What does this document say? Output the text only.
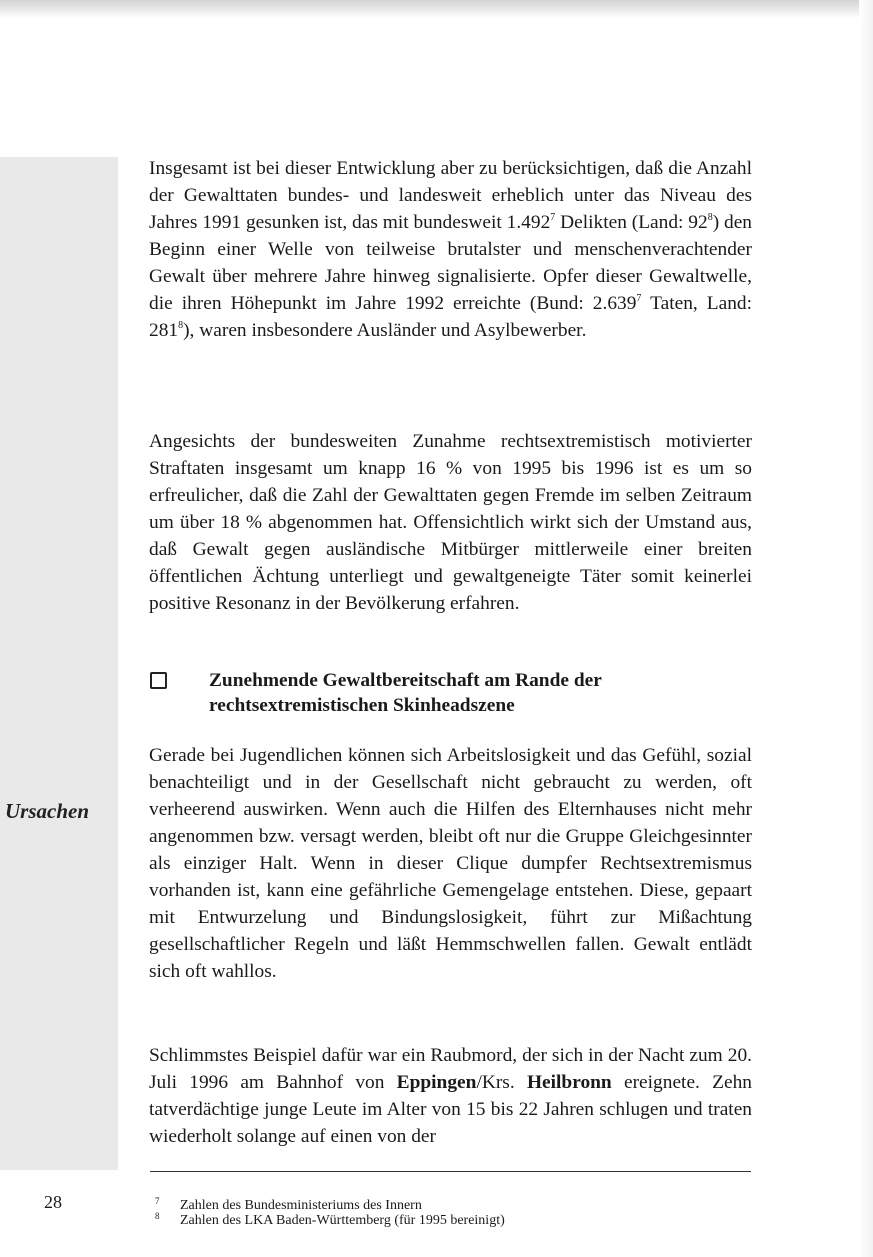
Ursachen

Insgesamt ist bei dieser Entwicklung aber zu berücksichtigen, daß die Anzahl der Gewalttaten bundes- und landesweit erheblich unter das Niveau des Jahres 1991 gesunken ist, das mit bundesweit 1.492$^7$ Delikten (Land: $92^8$) den Beginn einer Welle von teilweise brutalster und menschenverachtender Gewalt über mehrere Jahre hinweg signalisierte. Opfer dieser Gewaltwelle, die ihren Höhepunkt im Jahre 1992 erreichte (Bund: 2.639$^7$ Taten, Land: $281^8$), waren insbesondere Ausländer und Asylbewerber.

Angesichts der bundesweiten Zunahme rechtsextremistisch motivierter Straftaten insgesamt um knapp 16 % von 1995 bis 1996 ist es um so erfreulicher, daß die Zahl der Gewalttaten gegen Fremde im selben Zeitraum um über 18 % abgenommen hat. Offensichtlich wirkt sich der Umstand aus, daß Gewalt gegen ausländische Mitbürger mittlerweile einer breiten öffentlichen Ächtung unterliegt und gewaltgeneigte Täter somit keinerlei positive Resonanz in der Bevölkerung erfahren.

Zunehmende Gewaltbereitschaft am Rande der rechtsextremistischen Skinheadszene

Gerade bei Jugendlichen können sich Arbeitslosigkeit und das Gefühl, sozial benachteiligt und in der Gesellschaft nicht gebraucht zu werden, oft verheerend auswirken. Wenn auch die Hilfen des Elternhauses nicht mehr angenommen bzw. versagt werden, bleibt oft nur die Gruppe Gleichgesinnter als einziger Halt. Wenn in dieser Clique dumpfer Rechtsextremismus vorhanden ist, kann eine gefährliche Gemengelage entstehen. Diese, gepaart mit Entwurzelung und Bindungslosigkeit, führt zur Mißachtung gesellschaftlicher Regeln und läßt Hemmschwellen fallen. Gewalt entlädt sich oft wahllos.

Schlimmstes Beispiel dafür war ein Raubmord, der sich in der Nacht zum 20. Juli 1996 am Bahnhof von Eppingen/Krs. Heilbronn ereignete. Zehn tatverdächtige junge Leute im Alter von 15 bis 22 Jahren schlugen und traten wiederholt solange auf einen von der

28	7 Zahlen des Bundesministeriums des Innern
8 Zahlen des LKA Baden-Württemberg (für 1995 bereinigt)
